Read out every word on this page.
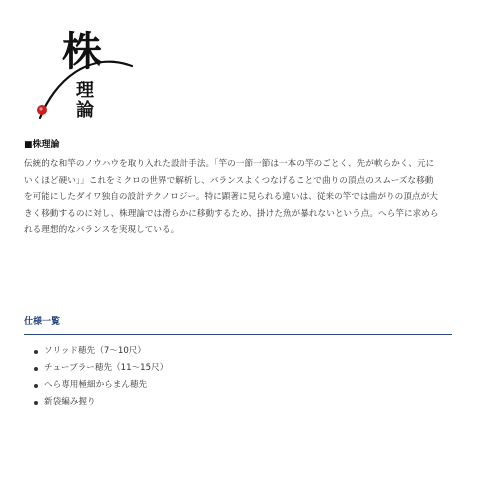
株
理
論

■株理論

伝統的な和竿のノウハウを取り入れた設計手法。「竿の一節一節は一本の竿のごとく、先が軟らかく、元に
いくほど硬い」」これをミクロの世界で解析し、バランスよくつなげることで曲りの頂点のスムーズな移動
を可能にしたダイワ独自の設計テクノロジー。特に顕著に見られる違いは、従来の竿では曲がりの頂点が大
きく移動するのに対し、株理論では滑らかに移動するため、掛けた魚が暴れないという点。へら竿に求めら
れる理想的なバランスを実現している。

仕様一覧
ソリッド穂先（7～10尺）
チューブラー穂先（11～15尺）
へら専用極細からまん穂先
新袋編み握り
